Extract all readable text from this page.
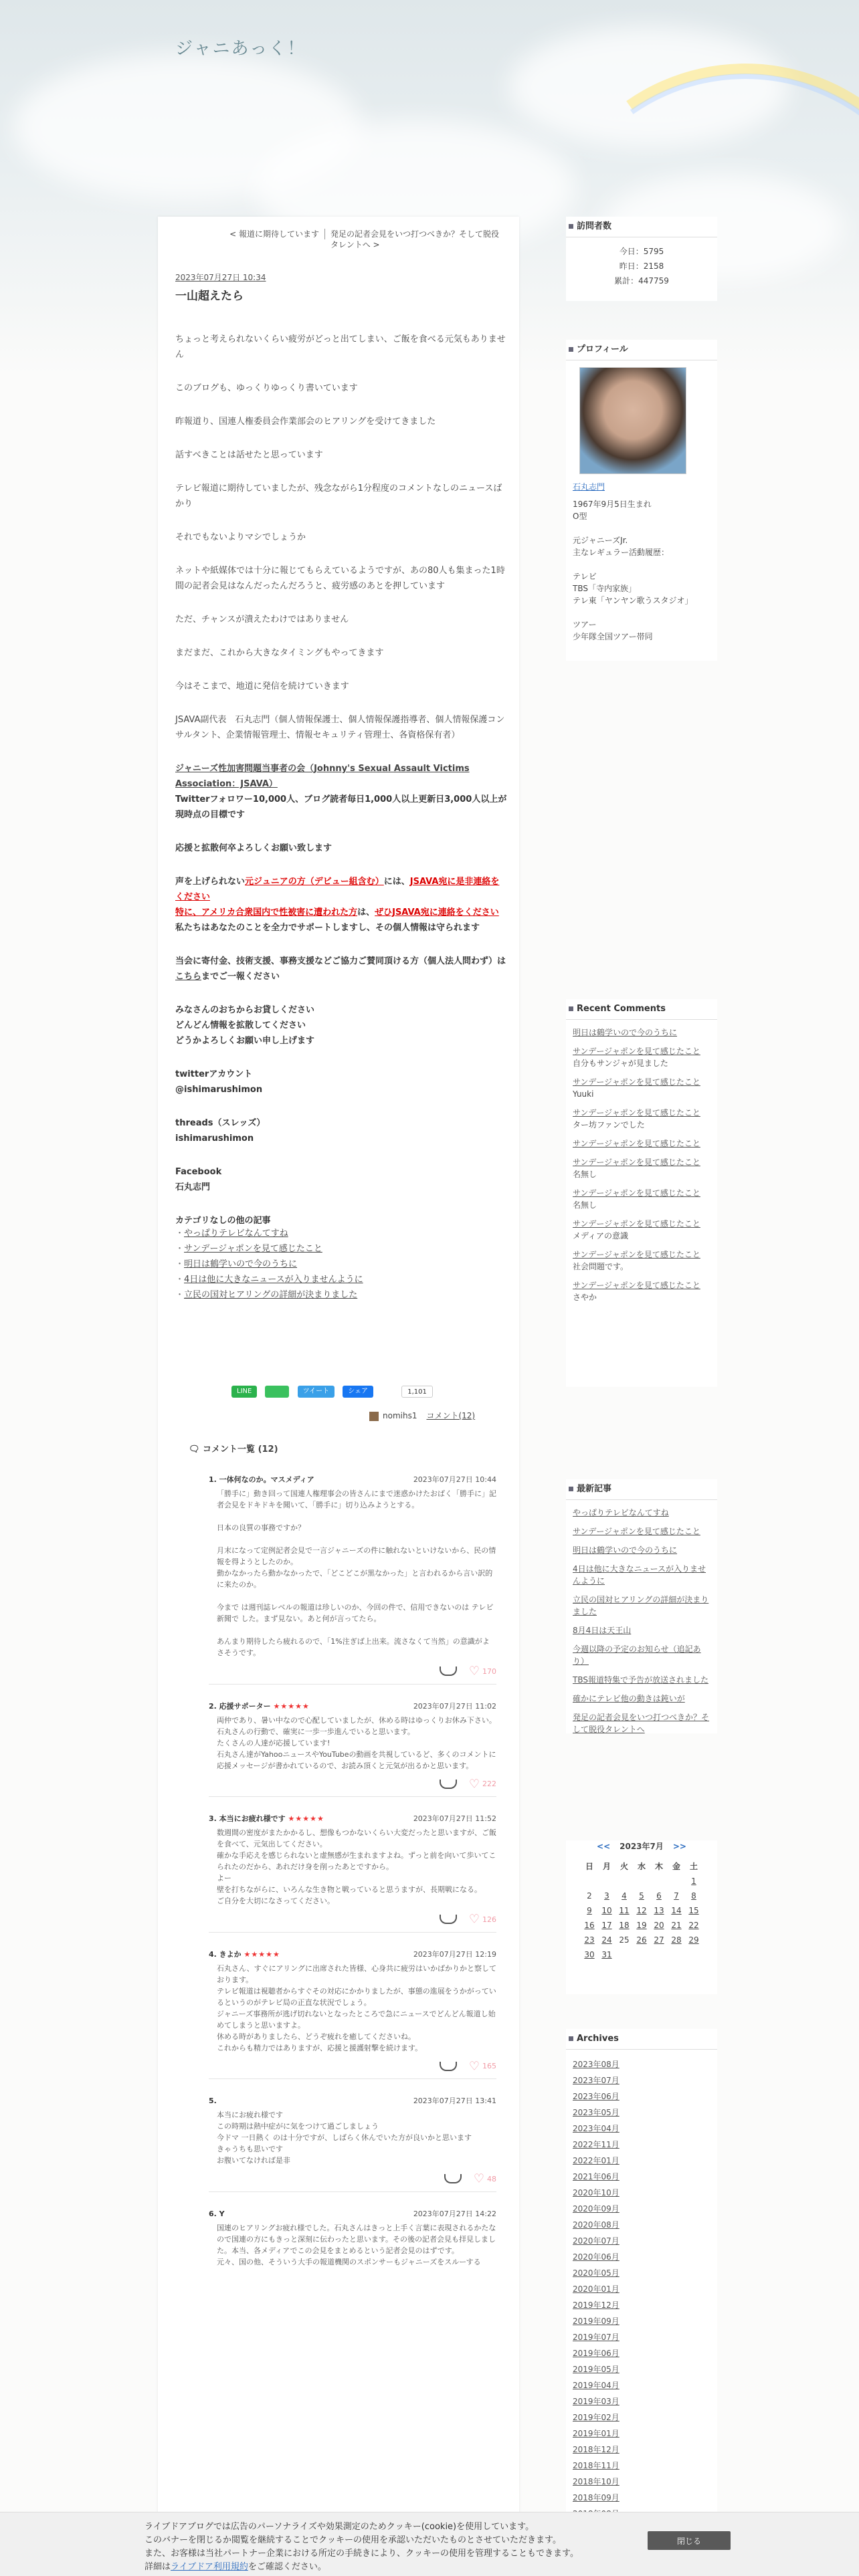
ジャニあっく！
< 報道に期待しています	発足の記者会見をいつ打つべきか？そして脱役タレントへ >
2023年07月27日 10:34
一山超えたら

ちょっと考えられないくらい疲労がどっと出てしまい、ご飯を食べる元気もありません

このブログも、ゆっくりゆっくり書いています

昨報道り、国連人権委員会作業部会のヒアリングを受けてきました

話すべきことは話せたと思っています

テレビ報道に期待していましたが、残念ながら1分程度のコメントなしのニュースばかり

それでもないよりマシでしょうか

ネットや紙媒体では十分に報じてもらえているようですが、あの80人も集まった1時間の記者会見はなんだったんだろうと、疲労感のあとを押しています

ただ、チャンスが潰えたわけではありません

まだまだ、これから大きなタイミングもやってきます

今はそこまで、地道に発信を続けていきます

JSAVA副代表　石丸志門（個人情報保護士、個人情報保護指導者、個人情報保護コンサルタント、企業情報管理士、情報セキュリティ管理士、各資格保有者）

ジャニーズ性加害問題当事者の会（Johnny's Sexual Assault Victims Association：JSAVA）
Twitterフォロワー10,000人、ブログ読者毎日1,000人以上更新日3,000人以上が現時点の目標です

応援と拡散何卒よろしくお願い致します

声を上げられない元ジュニアの方（デビュー組含む）には、JSAVA宛に是非連絡をください
特に、アメリカ合衆国内で性被害に遭われた方は、ぜひJSAVA宛に連絡をください
私たちはあなたのことを全力でサポートしますし、その個人情報は守られます

当会に寄付金、技術支援、事務支援などご協力ご賛同頂ける方（個人法人問わず）はこちらまでご一報ください

みなさんのおちからお貸しください
どんどん情報を拡散してください
どうかよろしくお願い申し上げます

twitterアカウント
@ishimarushimon

threads（スレッズ）
ishimarushimon

Facebook
石丸志門

カテゴリなしの他の記事
・ やっぱりテレビなんてすね
・ サンデージャポンを見て感じたこと
・ 明日は鶴学いので今のうちに
・ 4日は他に大きなニュースが入りませんように
・ 立民の国対ヒアリングの詳細が決まりました
LINE	ツイート	シェア	1,101
nomihs1 コメント(12)
🗨 コメント一覧 (12)
1. 一体何なのか。マスメディア	2023年07月27日 10:44
「勝手に」動き回って国連人権理事会の皆さんにまで迷惑かけたおばく「勝手に」記者会見をドキドキを聞いて、「勝手に」切り込みようとする。

日本の良質の事務ですか？

月末になって定例記者会見で一言ジャニーズの件に触れないといけないから、民の情報を得ようとしたのか。
動かなかったら動かなかったで、「どこどこが黒なかった」と言われるから言い訳的に来たのか。

今まで は週刊誌レベルの報道は珍しいのか、今回の件で、信用できないのは テレビ 新聞で した。まず見ない。あと何が言ってたら。

あんまり期待したら疲れるので、「1%注ぎば上出来。流さなくて当然」の意識がよさそうです。
♡ 170
2. 応援サポーター ★★★★★	2023年07月27日 11:02
両仲であり、暑い中なので心配していましたが、休める時はゆっくりお休み下さい。
石丸さんの行動で、確実に一歩一歩進んでいると思います。
たくさんの人達が応援しています!
石丸さん達がYahooニュースやYouTubeの動画を共視しているど、多くのコメントに応援メッセージが書かれているので、お読み頂くと元気が出るかと思います。
♡ 222
3. 本当にお疲れ様です ★★★★★	2023年07月27日 11:52
数週間の密度がまたかかるし、想像もつかないくらい大変だったと思いますが、ご飯を食べて、元気出してください。
確かな手応えを感じられないと虚無感が生まれますよね。ずっと前を向いて歩いてこられたのだから、あれだけ身を削ったあとですから。
よー
壁を打ちながらに、いろんな生き物と戦っていると思うますが、長期戦になる。
ご自分を大切になさってください。
♡ 126
4. きよか ★★★★★	2023年07月27日 12:19
石丸さん、すぐにアリングに出席された皆様、心身共に疲労はいかばかりかと察しております。
テレビ報道は視聴者からすぐその対応にかかりましたが、事態の進展をうかがっているというのがテレビ局の正直な状況でしょう。
ジャニーズ事務所が逃げ切れないとなったところで急にニュースでどんどん報道し始めてしまうと思いますよ。
休める時がありましたら、どうぞ疲れを癒してくださいね。
これからも精力ではありますが、応援と援護射撃を続けます。
♡ 165
5.	2023年07月27日 13:41
本当にお疲れ様です
この時期は熱中症がに気をつけて過ごしましょう
今ドマ 一日熱く のは十分ですが、しばらく休んでいた方が良いかと思います
きゃうちも思いです
お腹いてなければ是非
♡ 48
6. Y	2023年07月27日 14:22
国連のヒアリングお疲れ様でした。石丸さんはきっと上手く言葉に表現されるかたなので国連の方にもきっと深刻に伝わったと思います。その後の記者会見も拝見しました。本当、各メディアでこの会見をまとめるという記者会見のはずです。
元々、国の他、そういう大手の報道機関のスポンサーもジャニーズをスルーする
訪問者数
今日：5795
昨日：2158
累計：447759
プロフィール
石丸志門
1967年9月5日生まれ
O型

元ジャニーズJr.
主なレギュラー活動履歴：

テレビ
TBS「寺内家族」
テレ東「ヤンヤン歌うスタジオ」

ツアー
少年隊全国ツアー帯同
Recent Comments
明日は鶴学いので今のうちに
サンデージャポンを見て感じたこと
自分もサンジャが見ました
サンデージャポンを見て感じたこと
Yuuki
サンデージャポンを見て感じたこと
ター坊ファンでした
サンデージャポンを見て感じたこと
サンデージャポンを見て感じたこと
名無し
サンデージャポンを見て感じたこと
名無し
サンデージャポンを見て感じたこと
メディアの意識
サンデージャポンを見て感じたこと
社会問題です。
サンデージャポンを見て感じたこと
さやか
最新記事
やっぱりテレビなんてすね
サンデージャポンを見て感じたこと
明日は鶴学いので今のうちに
4日は他に大きなニュースが入りませんように
立民の国対ヒアリングの詳細が決まりました
8月4日は天王山
今週以降の予定のお知らせ（追記あり）
TBS報道特集で予告が放送されました
確かにテレビ他の動きは鈍いが
発足の記者会見をいつ打つべきか？そして脱役タレントへ
<< 2023年7月 >>
日	月	火	水	木	金	土
						1
2	3	4	5	6	7	8
9	10	11	12	13	14	15
16	17	18	19	20	21	22
23	24	25	26	27	28	29
30	31					
Archives
2023年08月
2023年07月
2023年06月
2023年05月
2023年04月
2022年11月
2022年01月
2021年06月
2020年10月
2020年09月
2020年08月
2020年07月
2020年06月
2020年05月
2020年01月
2019年12月
2019年09月
2019年07月
2019年06月
2019年05月
2019年04月
2019年03月
2019年02月
2019年01月
2018年12月
2018年11月
2018年10月
2018年09月
ライブドアブログでは広告のパーソナライズや効果測定のためクッキー(cookie)を使用しています。
このバナーを閉じるか閲覧を継続することでクッキーの使用を承認いただいたものとさせていただきます。
また、お客様は当社パートナー企業における所定の手続きにより、クッキーの使用を管理することもできます。
詳細はライブドア利用規約をご確認ください。
閉じる
